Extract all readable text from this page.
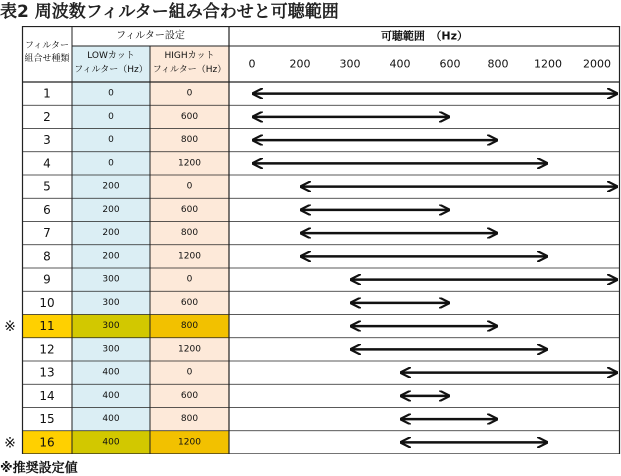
表2 周波数フィルター組み合わせと可聴範囲
フィルター
組合せ種類
フィルター設定
LOWカット
フィルター（Hz）
HIGHカット
フィルター（Hz）
可聴範囲　（Hz）
0	200	300	400	600 800 1200 2000
1	0	0
2	0	600
3	0	800
4	0	1200
5	200	0
6	200	600
7	200	800
8	200	1200
9	300	0
10	300	600
※ 11	300	800
12	300	1200
13	400	0
14	400	600
15	400	800
※ 16	400	1200
※推奨設定値
